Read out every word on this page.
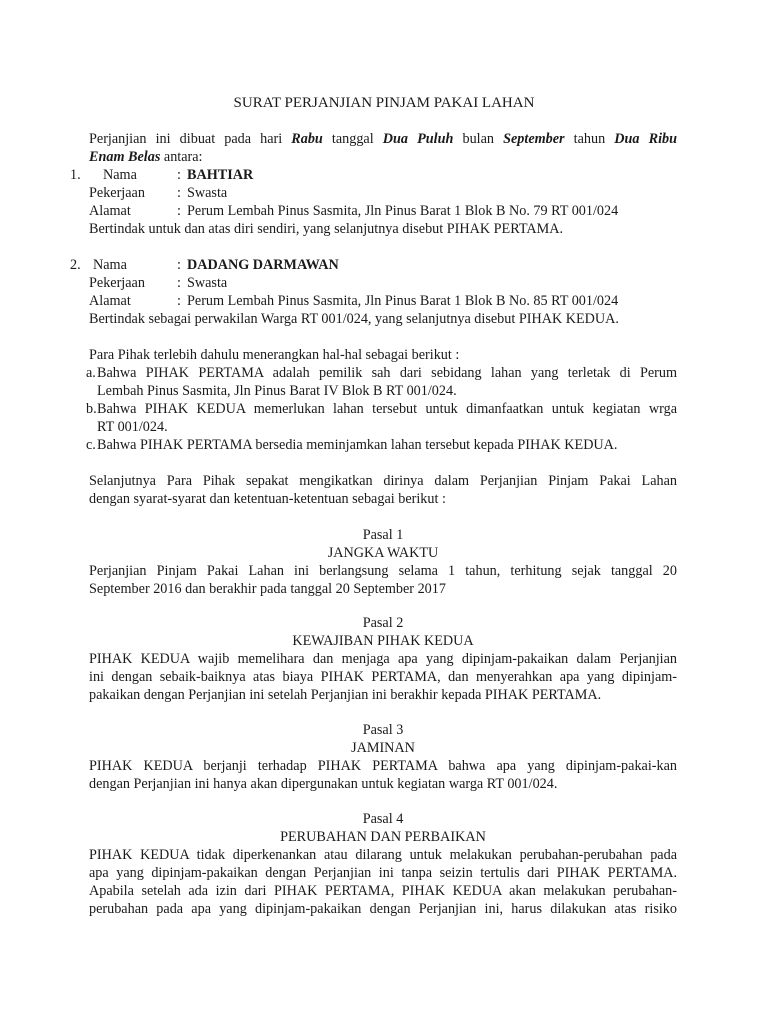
SURAT PERJANJIAN PINJAM PAKAI LAHAN
Perjanjian ini dibuat pada hari Rabu tanggal Dua Puluh bulan September tahun Dua Ribu
Enam Belas antara:
1.	Nama	: BAHTIAR
Pekerjaan	: Swasta
Alamat	: Perum Lembah Pinus Sasmita, Jln Pinus Barat 1 Blok B No. 79 RT 001/024
Bertindak untuk dan atas diri sendiri, yang selanjutnya disebut PIHAK PERTAMA.
2. Nama	: DADANG DARMAWAN
Pekerjaan	: Swasta
Alamat	: Perum Lembah Pinus Sasmita, Jln Pinus Barat 1 Blok B No. 85 RT 001/024
Bertindak sebagai perwakilan Warga RT 001/024, yang selanjutnya disebut PIHAK KEDUA.
Para Pihak terlebih dahulu menerangkan hal-hal sebagai berikut :
a. Bahwa PIHAK PERTAMA adalah pemilik sah dari sebidang lahan yang terletak di Perum
Lembah Pinus Sasmita, Jln Pinus Barat IV Blok B RT 001/024.
b. Bahwa PIHAK KEDUA memerlukan lahan tersebut untuk dimanfaatkan untuk kegiatan wrga
RT 001/024.
c. Bahwa PIHAK PERTAMA bersedia meminjamkan lahan tersebut kepada PIHAK KEDUA.
Selanjutnya Para Pihak sepakat mengikatkan dirinya dalam Perjanjian Pinjam Pakai Lahan
dengan syarat-syarat dan ketentuan-ketentuan sebagai berikut :
Pasal 1
JANGKA WAKTU
Perjanjian Pinjam Pakai Lahan ini berlangsung selama 1 tahun, terhitung sejak tanggal 20
September 2016 dan berakhir pada tanggal 20 September 2017
Pasal 2
KEWAJIBAN PIHAK KEDUA
PIHAK KEDUA wajib memelihara dan menjaga apa yang dipinjam-pakaikan dalam Perjanjian
ini dengan sebaik-baiknya atas biaya PIHAK PERTAMA, dan menyerahkan apa yang dipinjam-
pakaikan dengan Perjanjian ini setelah Perjanjian ini berakhir kepada PIHAK PERTAMA.
Pasal 3
JAMINAN
PIHAK KEDUA berjanji terhadap PIHAK PERTAMA bahwa apa yang dipinjam-pakai-kan
dengan Perjanjian ini hanya akan dipergunakan untuk kegiatan warga RT 001/024.
Pasal 4
PERUBAHAN DAN PERBAIKAN
PIHAK KEDUA tidak diperkenankan atau dilarang untuk melakukan perubahan-perubahan pada
apa yang dipinjam-pakaikan dengan Perjanjian ini tanpa seizin tertulis dari PIHAK PERTAMA.
Apabila setelah ada izin dari PIHAK PERTAMA, PIHAK KEDUA akan melakukan perubahan-
perubahan pada apa yang dipinjam-pakaikan dengan Perjanjian ini, harus dilakukan atas risiko
